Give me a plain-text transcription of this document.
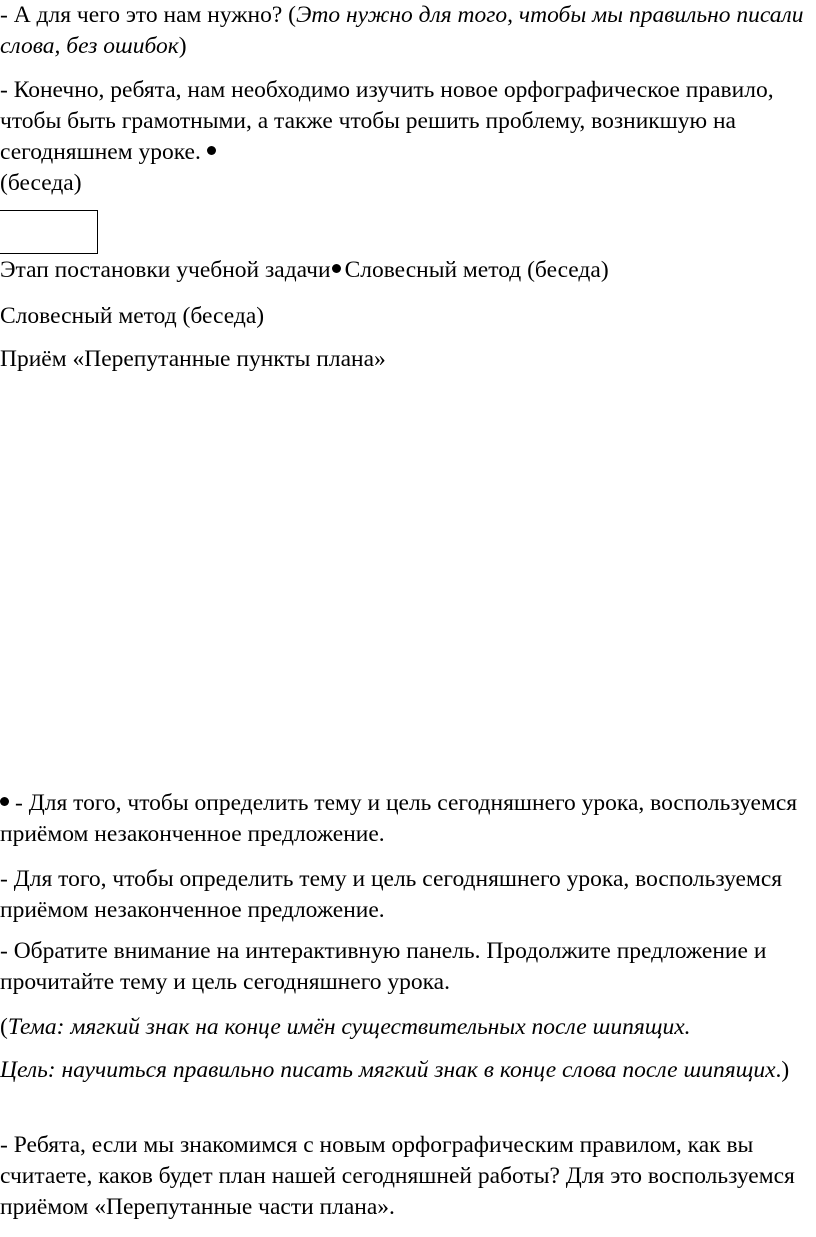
- А для чего это нам нужно? (Это нужно для того, чтобы мы правильно писали слова, без ошибок)

- Конечно, ребята, нам необходимо изучить новое орфографическое правило, чтобы быть грамотными, а также чтобы решить проблему, возникшую на сегодняшнем уроке.
(беседа)

Этап постановки учебной задачи Словесный метод (беседа)

Словесный метод (беседа)

Приём «Перепутанные пункты плана»

- Для того, чтобы определить тему и цель сегодняшнего урока, воспользуемся приёмом незаконченное предложение.

- Для того, чтобы определить тему и цель сегодняшнего урока, воспользуемся приёмом незаконченное предложение.

- Обратите внимание на интерактивную панель. Продолжите предложение и прочитайте тему и цель сегодняшнего урока.

(Тема: мягкий знак на конце имён существительных после шипящих.

Цель: научиться правильно писать мягкий знак в конце слова после шипящих.)

- Ребята, если мы знакомимся с новым орфографическим правилом, как вы считаете, каков будет план нашей сегодняшней работы? Для это воспользуемся приёмом «Перепутанные части плана».
